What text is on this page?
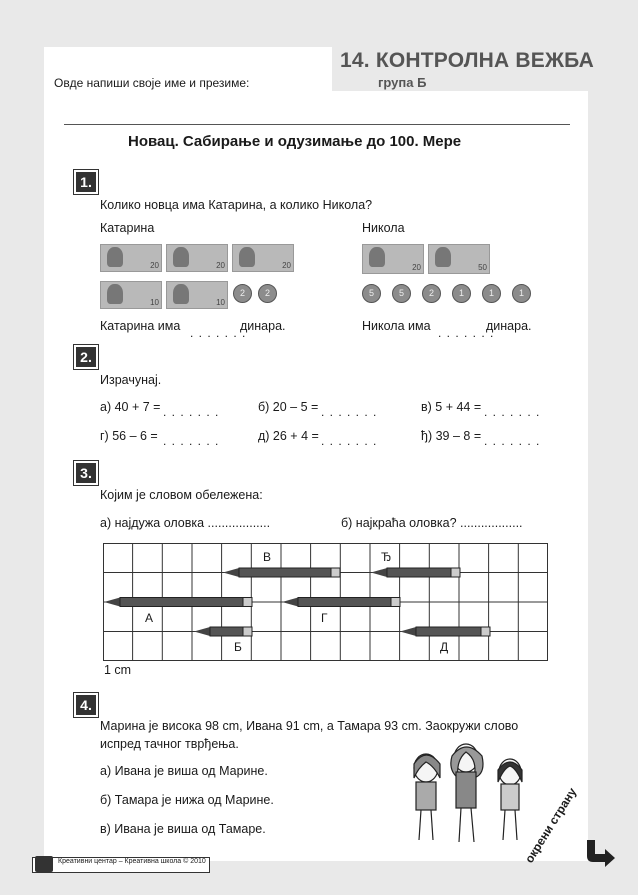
Овде напиши своје име и презиме:
14. КОНТРОЛНА ВЕЖБА
група Б
Новац. Сабирање и одузимање до 100. Мере
1.
Колико новца има Катарина, а колико Никола?
Катарина	Никола
20	20	20
10	10
2	2
20	50
5	5	2	1	1	1
Катарина има . . . . . . .
динара.	Никола има . . . . . . .
динара.
2.
Израчунај.
а) 40 + 7 = . . . . . . .	б) 20 – 5 = . . . . . . .	в) 5 + 44 = . . . . . . .
г) 56 – 6 = . . . . . . .	д) 26 + 4 = . . . . . . .	ђ) 39 – 8 = . . . . . . .
3.
Којим је словом обележена:
а) најдужа оловка ..................	б) најкраћа оловка? ..................
В	Ђ
А	Г
Б	Д
1 cm
4.
Марина је висока 98 cm, Ивана 91 cm, а Тамара 93 cm. Заокружи слово испред тачног тврђења.
а) Ивана је виша од Марине.
б) Тамара је нижа од Марине.
в) Ивана је виша од Тамаре.	окрени страну
Креативни центар – Креативна школа © 2010
